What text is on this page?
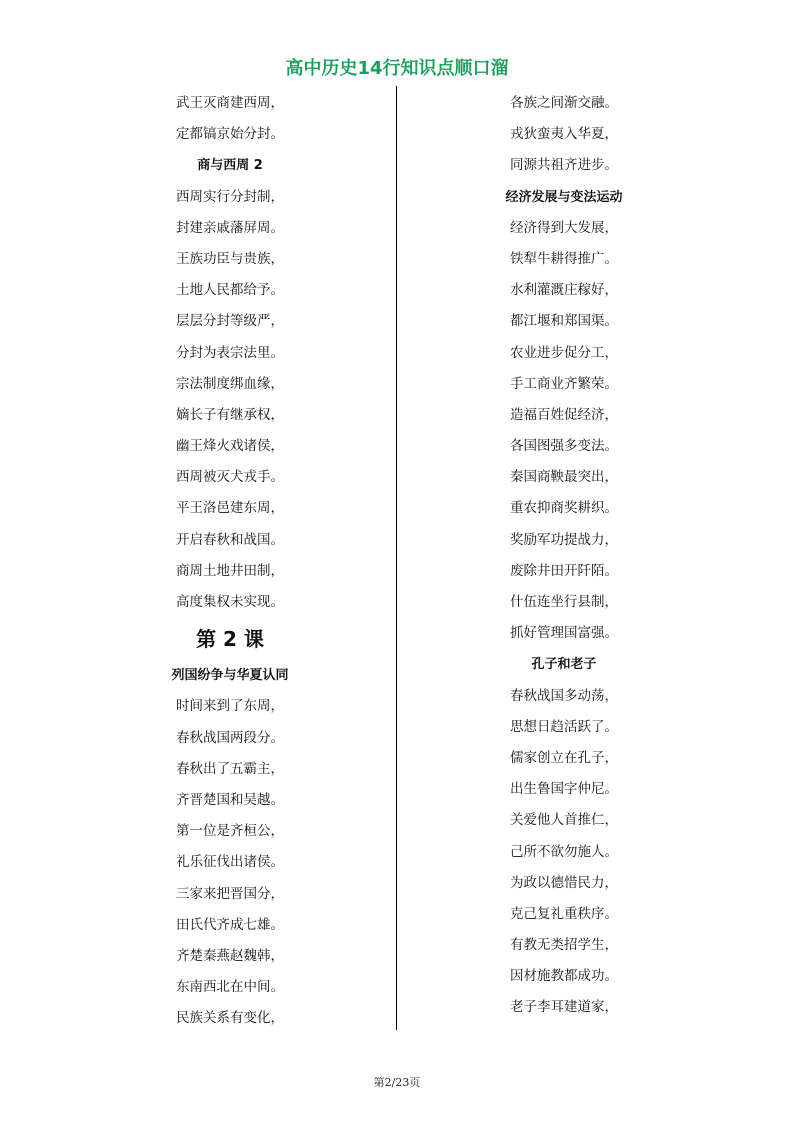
高中历史14行知识点顺口溜
武王灭商建西周，
定都镐京始分封。
商与西周 2
西周实行分封制，
封建亲戚藩屏周。
王族功臣与贵族，
土地人民都给予。
层层分封等级严，
分封为表宗法里。
宗法制度绑血缘，
嫡长子有继承权，
幽王烽火戏诸侯，
西周被灭犬戎手。
平王洛邑建东周，
开启春秋和战国。
商周土地井田制，
高度集权未实现。
第 2 课
列国纷争与华夏认同
时间来到了东周，
春秋战国两段分。
春秋出了五霸主，
齐晋楚国和吴越。
第一位是齐桓公，
礼乐征伐出诸侯。
三家来把晋国分，
田氏代齐成七雄。
齐楚秦燕赵魏韩，
东南西北在中间。
民族关系有变化，
各族之间渐交融。
戎狄蛮夷入华夏，
同源共祖齐进步。
经济发展与变法运动
经济得到大发展，
铁犁牛耕得推广。
水利灌溉庄稼好，
都江堰和郑国渠。
农业进步促分工，
手工商业齐繁荣。
造福百姓促经济，
各国图强多变法。
秦国商鞅最突出，
重农抑商奖耕织。
奖励军功提战力，
废除井田开阡陌。
什伍连坐行县制，
抓好管理国富强。
孔子和老子
春秋战国多动荡，
思想日趋活跃了。
儒家创立在孔子，
出生鲁国字仲尼。
关爱他人首推仁，
己所不欲勿施人。
为政以德惜民力，
克己复礼重秩序。
有教无类招学生，
因材施教都成功。
老子李耳建道家，
第2/23页
